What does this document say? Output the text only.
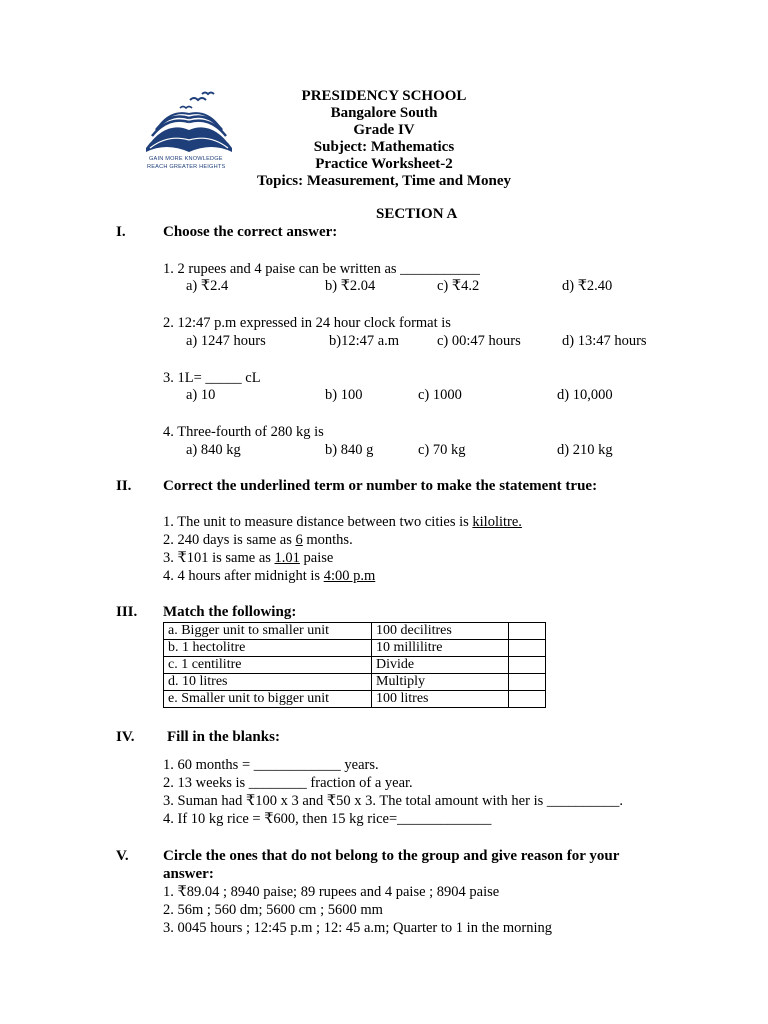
GAIN MORE KNOWLEDGE
REACH GREATER HEIGHTS
PRESIDENCY SCHOOL
Bangalore South
Grade IV
Subject: Mathematics
Practice Worksheet-2
Topics: Measurement, Time and Money
SECTION A
I. Choose the correct answer:
1. 2 rupees and 4 paise can be written as ___________
a) ₹2.4	b) ₹2.04	c) ₹4.2	d) ₹2.40
2. 12:47 p.m expressed in 24 hour clock format is
a) 1247 hours	b)12:47 a.m	c) 00:47 hours	d) 13:47 hours
3. 1L= _____ cL
a) 10	b) 100	c) 1000	d) 10,000
4. Three-fourth of 280 kg is
a) 840 kg	b) 840 g	c) 70 kg	d) 210 kg
II. Correct the underlined term or number to make the statement true:
1. The unit to measure distance between two cities is kilolitre.
2. 240 days is same as 6 months.
3. ₹101 is same as 1.01 paise
4. 4 hours after midnight is 4:00 p.m
III. Match the following:
a. Bigger unit to smaller unit	100 decilitres	
b. 1 hectolitre	10 millilitre	
c. 1 centilitre	Divide	
d. 10 litres	Multiply	
e. Smaller unit to bigger unit	100 litres	
IV. Fill in the blanks:
1. 60 months = ____________ years.
2. 13 weeks is ________ fraction of a year.
3. Suman had ₹100 x 3 and ₹50 x 3. The total amount with her is __________.
4. If 10 kg rice = ₹600, then 15 kg rice=_____________
V. Circle the ones that do not belong to the group and give reason for your
answer:
1. ₹89.04 ; 8940 paise; 89 rupees and 4 paise ; 8904 paise
2. 56m ; 560 dm; 5600 cm ; 5600 mm
3. 0045 hours ; 12:45 p.m ; 12: 45 a.m; Quarter to 1 in the morning
